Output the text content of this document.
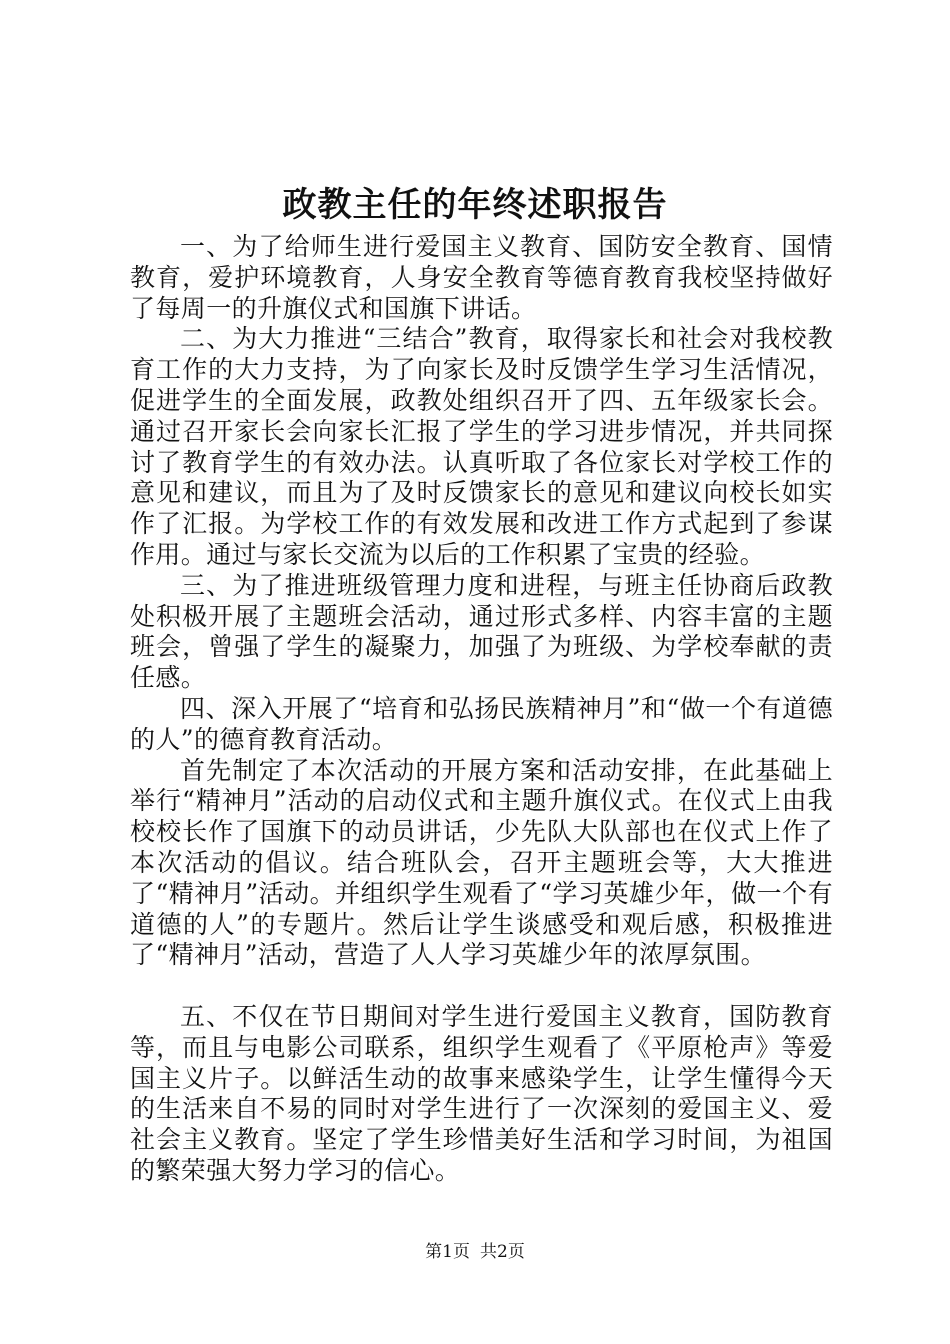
政教主任的年终述职报告

一、为了给师生进行爱国主义教育、国防安全教育、国情教育，爱护环境教育，人身安全教育等德育教育我校坚持做好了每周一的升旗仪式和国旗下讲话。

二、为大力推进“三结合”教育，取得家长和社会对我校教育工作的大力支持，为了向家长及时反馈学生学习生活情况，促进学生的全面发展，政教处组织召开了四、五年级家长会。通过召开家长会向家长汇报了学生的学习进步情况，并共同探讨了教育学生的有效办法。认真听取了各位家长对学校工作的意见和建议，而且为了及时反馈家长的意见和建议向校长如实作了汇报。为学校工作的有效发展和改进工作方式起到了参谋作用。通过与家长交流为以后的工作积累了宝贵的经验。

三、为了推进班级管理力度和进程，与班主任协商后政教处积极开展了主题班会活动，通过形式多样、内容丰富的主题班会，曾强了学生的凝聚力，加强了为班级、为学校奉献的责任感。

四、深入开展了“培育和弘扬民族精神月”和“做一个有道德的人”的德育教育活动。

首先制定了本次活动的开展方案和活动安排，在此基础上举行“精神月”活动的启动仪式和主题升旗仪式。在仪式上由我校校长作了国旗下的动员讲话，少先队大队部也在仪式上作了本次活动的倡议。结合班队会，召开主题班会等，大大推进了“精神月”活动。并组织学生观看了“学习英雄少年，做一个有道德的人”的专题片。然后让学生谈感受和观后感，积极推进了“精神月”活动，营造了人人学习英雄少年的浓厚氛围。

五、不仅在节日期间对学生进行爱国主义教育，国防教育等，而且与电影公司联系，组织学生观看了《平原枪声》等爱国主义片子。以鲜活生动的故事来感染学生，让学生懂得今天的生活来自不易的同时对学生进行了一次深刻的爱国主义、爱社会主义教育。坚定了学生珍惜美好生活和学习时间，为祖国的繁荣强大努力学习的信心。

第1页 共2页
